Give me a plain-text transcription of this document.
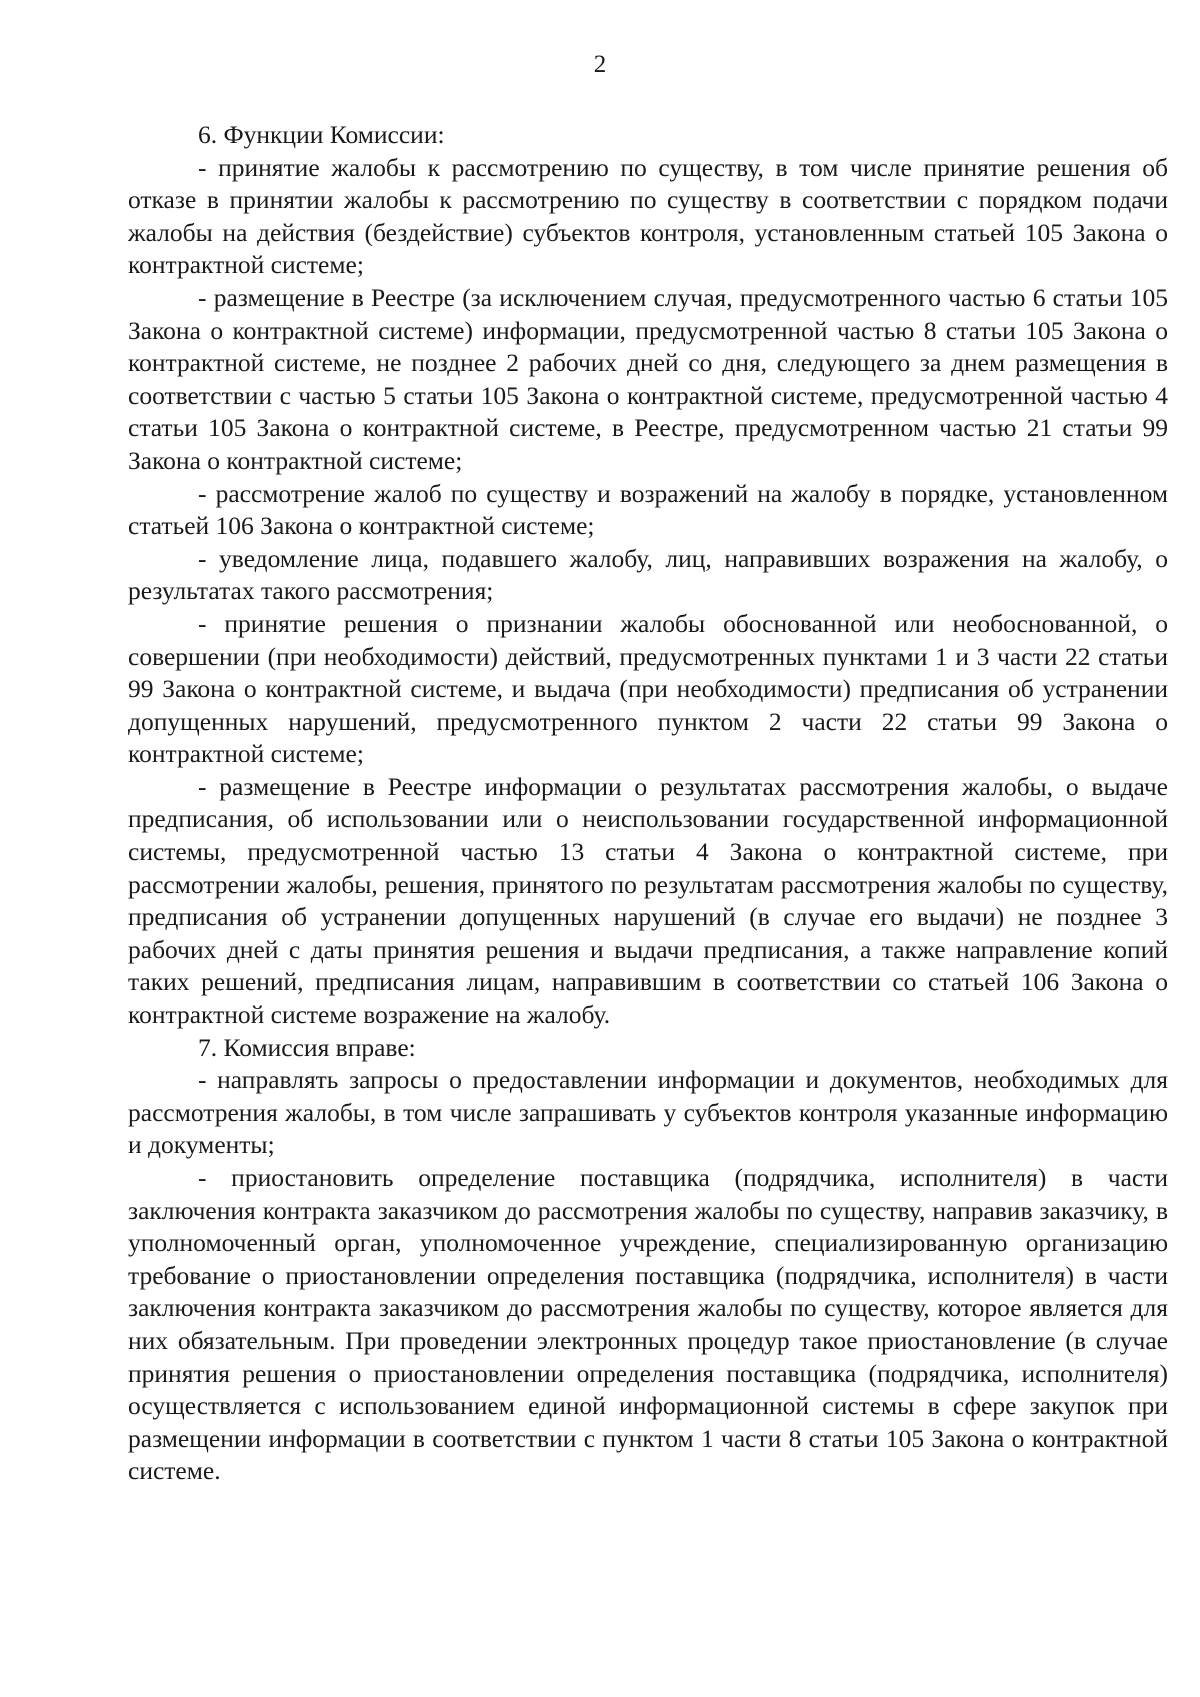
2

6. Функции Комиссии:

- принятие жалобы к рассмотрению по существу, в том числе принятие решения об отказе в принятии жалобы к рассмотрению по существу в соответствии с порядком подачи жалобы на действия (бездействие) субъектов контроля, установленным статьей 105 Закона о контрактной системе;

- размещение в Реестре (за исключением случая, предусмотренного частью 6 статьи 105 Закона о контрактной системе) информации, предусмотренной частью 8 статьи 105 Закона о контрактной системе, не позднее 2 рабочих дней со дня, следующего за днем размещения в соответствии с частью 5 статьи 105 Закона о контрактной системе, предусмотренной частью 4 статьи 105 Закона о контрактной системе, в Реестре, предусмотренном частью 21 статьи 99 Закона о контрактной системе;

- рассмотрение жалоб по существу и возражений на жалобу в порядке, установленном статьей 106 Закона о контрактной системе;

- уведомление лица, подавшего жалобу, лиц, направивших возражения на жалобу, о результатах такого рассмотрения;

- принятие решения о признании жалобы обоснованной или необоснованной, о совершении (при необходимости) действий, предусмотренных пунктами 1 и 3 части 22 статьи 99 Закона о контрактной системе, и выдача (при необходимости) предписания об устранении допущенных нарушений, предусмотренного пунктом 2 части 22 статьи 99 Закона о контрактной системе;

- размещение в Реестре информации о результатах рассмотрения жалобы, о выдаче предписания, об использовании или о неиспользовании государственной информационной системы, предусмотренной частью 13 статьи 4 Закона о контрактной системе, при рассмотрении жалобы, решения, принятого по результатам рассмотрения жалобы по существу, предписания об устранении допущенных нарушений (в случае его выдачи) не позднее 3 рабочих дней с даты принятия решения и выдачи предписания, а также направление копий таких решений, предписания лицам, направившим в соответствии со статьей 106 Закона о контрактной системе возражение на жалобу.

7. Комиссия вправе:

- направлять запросы о предоставлении информации и документов, необходимых для рассмотрения жалобы, в том числе запрашивать у субъектов контроля указанные информацию и документы;

- приостановить определение поставщика (подрядчика, исполнителя) в части заключения контракта заказчиком до рассмотрения жалобы по существу, направив заказчику, в уполномоченный орган, уполномоченное учреждение, специализированную организацию требование о приостановлении определения поставщика (подрядчика, исполнителя) в части заключения контракта заказчиком до рассмотрения жалобы по существу, которое является для них обязательным. При проведении электронных процедур такое приостановление (в случае принятия решения о приостановлении определения поставщика (подрядчика, исполнителя) осуществляется с использованием единой информационной системы в сфере закупок при размещении информации в соответствии с пунктом 1 части 8 статьи 105 Закона о контрактной системе.
